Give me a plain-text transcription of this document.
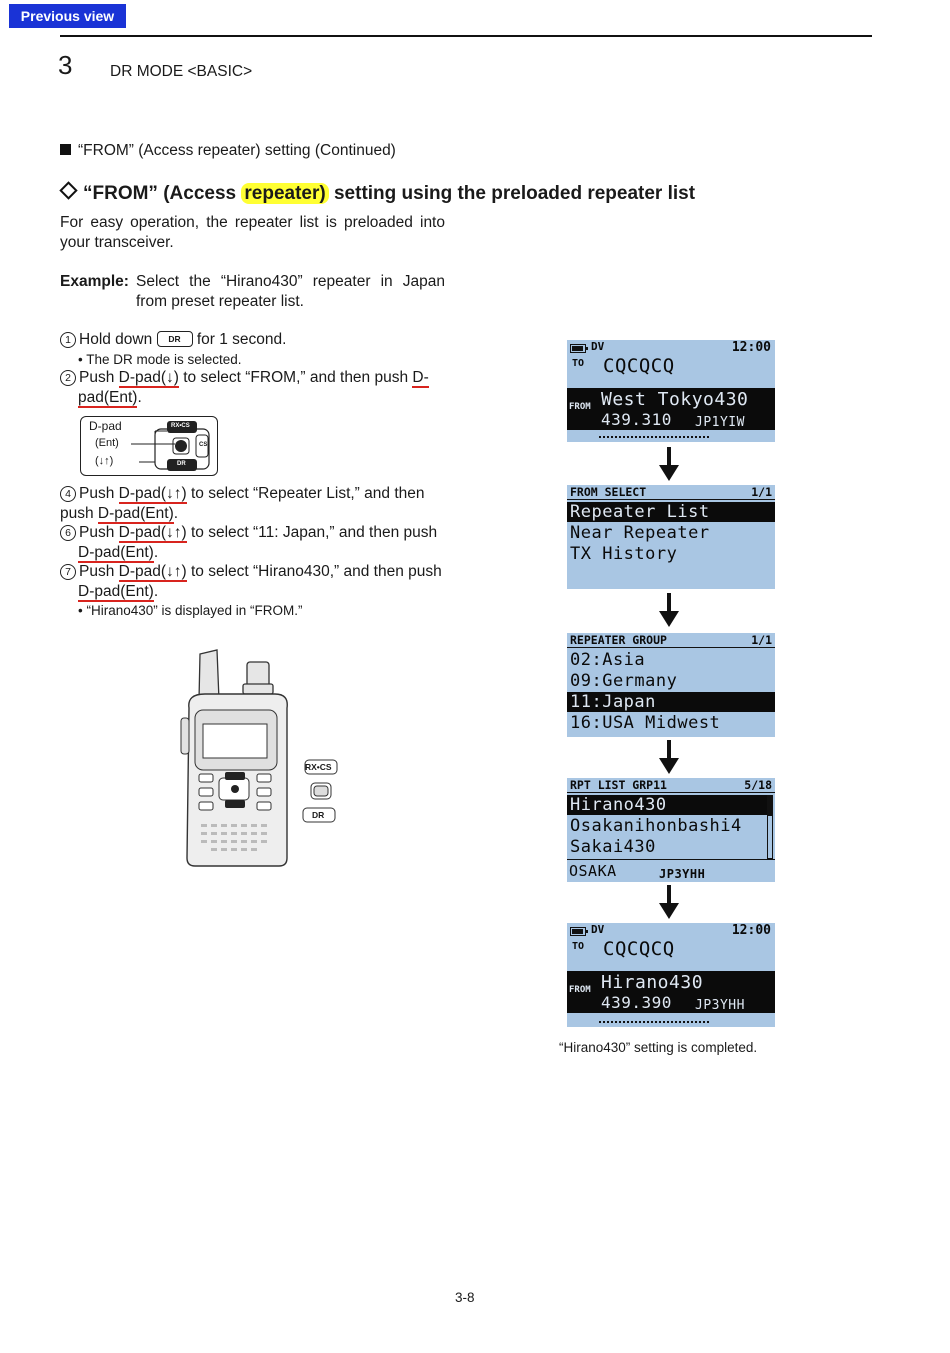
Previous view
3 DR MODE <BASIC>
“FROM” (Access repeater) setting (Continued)
“FROM” (Access repeater) setting using the preloaded repeater list
For easy operation, the repeater list is preloaded into your transceiver.
Example: Select the “Hirano430” repeater in Japan from preset repeater list.
1 Hold down DR for 1 second.
• The DR mode is selected.
2 Push D-pad(↓) to select “FROM,” and then push D-
pad(Ent).
D-pad
(Ent)
(↓↑)
RX•CS
CS
DR
4 Push D-pad(↓↑) to select “Repeater List,” and then push D-pad(Ent).
6 Push D-pad(↓↑) to select “11: Japan,” and then push
D-pad(Ent).
7 Push D-pad(↓↑) to select “Hirano430,” and then push
D-pad(Ent).
• “Hirano430” is displayed in “FROM.”
RX•CS
DR
DV	12:00
TO CQCQCQ
FROM West Tokyo430
439.310 JP1YIW
FROM SELECT	1/1
Repeater List
Near Repeater
TX History
REPEATER GROUP	1/1
02:Asia
09:Germany
11:Japan
16:USA Midwest
RPT LIST GRP11	5/18
Hirano430
Osakanihonbashi4
Sakai430
OSAKA	JP3YHH
DV	12:00
TO CQCQCQ
FROM Hirano430
439.390 JP3YHH
“Hirano430” setting is completed.
3-8
